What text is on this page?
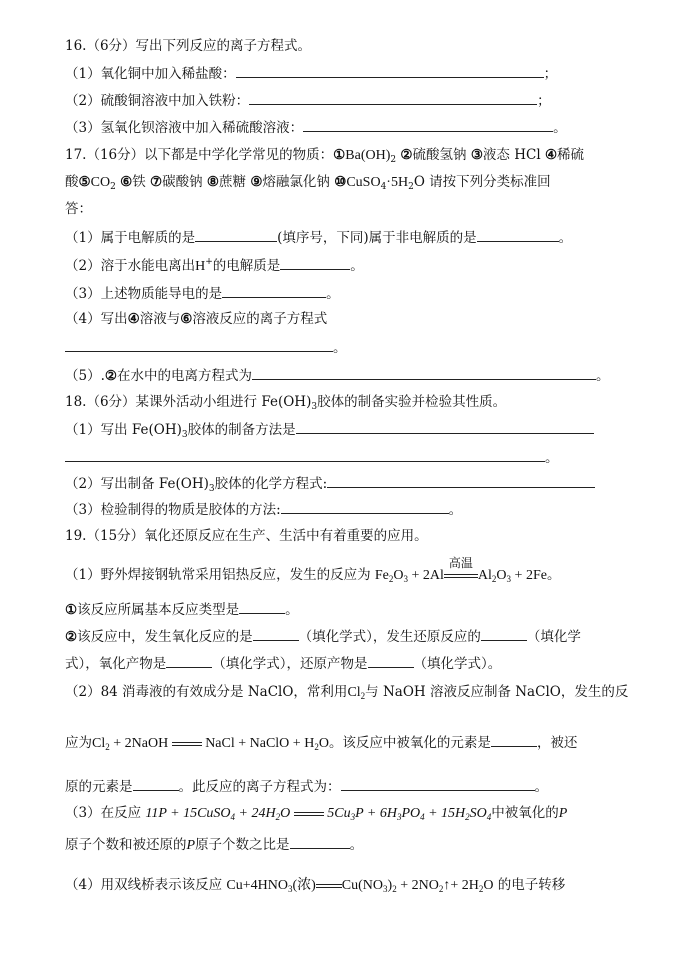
16.（6分）写出下列反应的离子方程式。
（1）氧化铜中加入稀盐酸：	；
（2）硫酸铜溶液中加入铁粉：	；
（3）氢氧化钡溶液中加入稀硫酸溶液：	。
17.（16分）以下都是中学化学常见的物质：$①Ba(OH)_2$ ②硫酸氢钠 ③液态 HCl ④稀硫
酸$⑤CO_2$ ⑥铁 ⑦碳酸钠 ⑧蔗糖 ⑨熔融氯化钠 $⑩CuSO_4\cdot 5H_2O$ 请按下列分类标准回
答：
（1）属于电解质的是	(填序号，下同)属于非电解质的是	。
（2）溶于水能电离出H+的电解质是	。
（3）上述物质能导电的是	。
（4）写出④溶液与⑥溶液反应的离子方程式
。
（5）.②在水中的电离方程式为	。
18.（6分）某课外活动小组进行 $Fe(OH)_3$胶体的制备实验并检验其性质。
（1）写出 $Fe(OH)_3$胶体的制备方法是
。
（2）写出制备 $Fe(OH)_3$胶体的化学方程式:
（3）检验制得的物质是胶体的方法:	。
19.（15分）氧化还原反应在生产、生活中有着重要的应用。
（1）野外焊接钢轨常采用铝热反应，发生的反应为 $Fe_2O_3 + 2Al$
高温
$Al_2O_3 + 2Fe$。
①该反应所属基本反应类型是	。
②该反应中，发生氧化反应的是	（填化学式），发生还原反应的	（填化学
式），氧化产物是	（填化学式），还原产物是	（填化学式）。
（2）84 消毒液的有效成分是 NaClO，常利用$Cl_2$与 NaOH 溶液反应制备 NaClO，发生的反
应为$Cl_2$ + 2NaOH  NaCl + NaClO + $H_2O$。该反应中被氧化的元素是	，被还
原的元素是	。此反应的离子方程式为：	。
（3）在反应 11P + 15CuSO$_4$ + $24H_2O$  $5Cu_3P + 6H_3PO_4 + 15H_2SO_4$中被氧化的P
原子个数和被还原的P原子个数之比是	。
（4）用双线桥表示该反应 $Cu+4HNO_3$(浓) $Cu(NO_3)_2$ + $2NO_2↑+ 2H_2O$ 的电子转移
